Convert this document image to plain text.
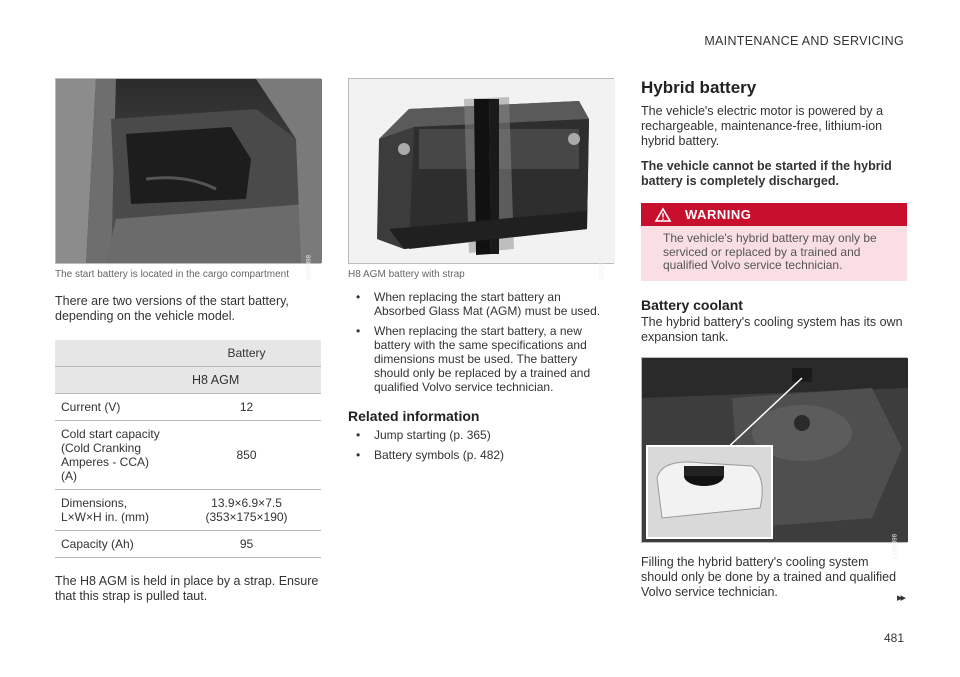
MAINTENANCE AND SERVICING
G050498
The start battery is located in the cargo compartment
There are two versions of the start battery, depending on the vehicle model.
	Battery
	H8 AGM
Current (V)	12
Cold start capacity (Cold Cranking Amperes - CCA) (A)	850
Dimensions, L×W×H in. (mm)	13.9×6.9×7.5 (353×175×190)
Capacity (Ah)	95
The H8 AGM is held in place by a strap. Ensure that this strap is pulled taut.
G052973
H8 AGM battery with strap
•	When replacing the start battery an Absorbed Glass Mat (AGM) must be used.
•	When replacing the start battery, a new battery with the same specifications and dimensions must be used. The battery should only be replaced by a trained and qualified Volvo service technician.
Related information
•	Jump starting (p. 365)
•	Battery symbols (p. 482)
Hybrid battery
The vehicle's electric motor is powered by a rechargeable, maintenance-free, lithium-ion hybrid battery.
The vehicle cannot be started if the hybrid battery is completely discharged.
WARNING
The vehicle's hybrid battery may only be serviced or replaced by a trained and qualified Volvo service technician.
Battery coolant
The hybrid battery's cooling system has its own expansion tank.
G056398
Filling the hybrid battery's cooling system should only be done by a trained and qualified Volvo service technician.	▸▸
481
